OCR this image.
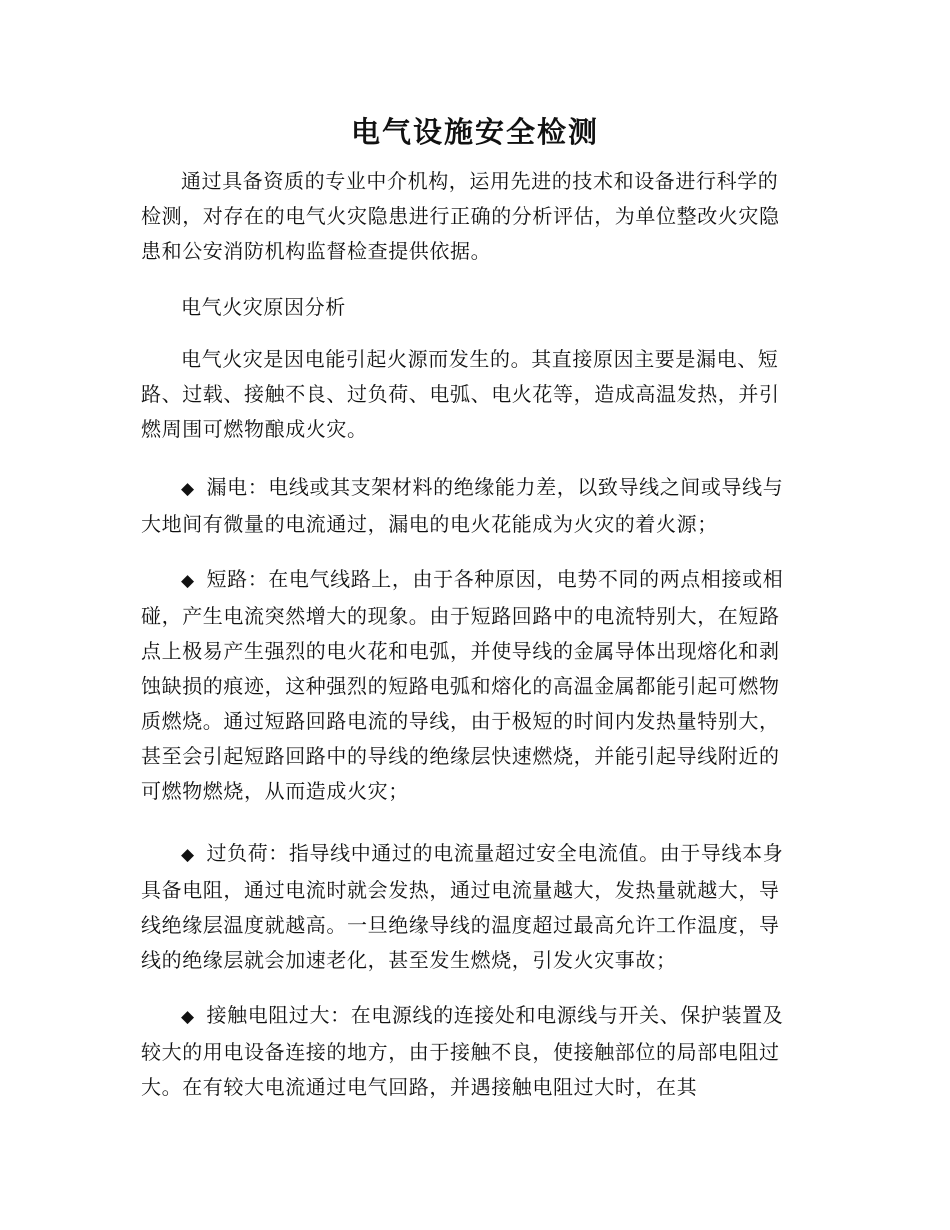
电气设施安全检测

通过具备资质的专业中介机构，运用先进的技术和设备进行科学的检测，对存在的电气火灾隐患进行正确的分析评估，为单位整改火灾隐患和公安消防机构监督检查提供依据。

电气火灾原因分析

电气火灾是因电能引起火源而发生的。其直接原因主要是漏电、短路、过载、接触不良、过负荷、电弧、电火花等，造成高温发热，并引燃周围可燃物酿成火灾。

◆ 漏电：电线或其支架材料的绝缘能力差，以致导线之间或导线与大地间有微量的电流通过，漏电的电火花能成为火灾的着火源；

◆ 短路：在电气线路上，由于各种原因，电势不同的两点相接或相碰，产生电流突然增大的现象。由于短路回路中的电流特别大，在短路点上极易产生强烈的电火花和电弧，并使导线的金属导体出现熔化和剥蚀缺损的痕迹，这种强烈的短路电弧和熔化的高温金属都能引起可燃物质燃烧。通过短路回路电流的导线，由于极短的时间内发热量特别大，甚至会引起短路回路中的导线的绝缘层快速燃烧，并能引起导线附近的可燃物燃烧，从而造成火灾；

◆ 过负荷：指导线中通过的电流量超过安全电流值。由于导线本身具备电阻，通过电流时就会发热，通过电流量越大，发热量就越大，导线绝缘层温度就越高。一旦绝缘导线的温度超过最高允许工作温度，导线的绝缘层就会加速老化，甚至发生燃烧，引发火灾事故；

◆ 接触电阻过大：在电源线的连接处和电源线与开关、保护装置及较大的用电设备连接的地方，由于接触不良，使接触部位的局部电阻过大。在有较大电流通过电气回路，并遇接触电阻过大时，在其
